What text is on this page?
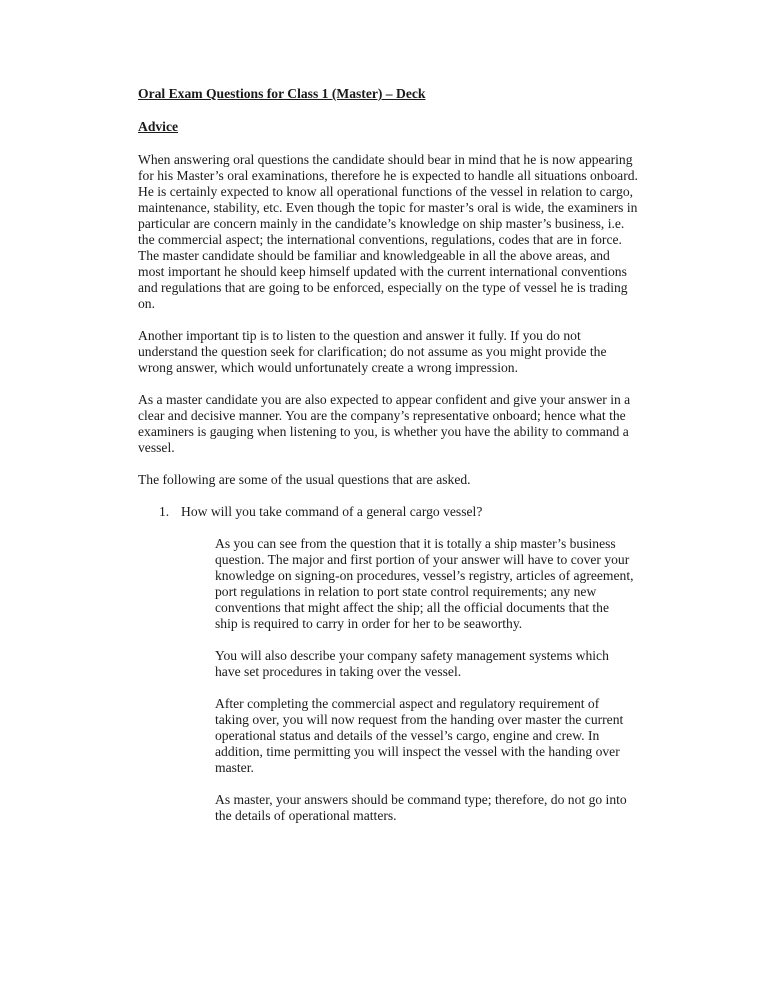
Oral Exam Questions for Class 1 (Master) – Deck
Advice

When answering oral questions the candidate should bear in mind that he is now appearing for his Master’s oral examinations, therefore he is expected to handle all situations onboard.

He is certainly expected to know all operational functions of the vessel in relation to cargo, maintenance, stability, etc. Even though the topic for master’s oral is wide, the examiners in particular are concern mainly in the candidate’s knowledge on ship master’s business, i.e. the commercial aspect; the international conventions, regulations, codes that are in force. The master candidate should be familiar and knowledgeable in all the above areas, and most important he should keep himself updated with the current international conventions and regulations that are going to be enforced, especially on the type of vessel he is trading on.

Another important tip is to listen to the question and answer it fully. If you do not understand the question seek for clarification; do not assume as you might provide the wrong answer, which would unfortunately create a wrong impression.

As a master candidate you are also expected to appear confident and give your answer in a clear and decisive manner. You are the company’s representative onboard; hence what the examiners is gauging when listening to you, is whether you have the ability to command a vessel.

The following are some of the usual questions that are asked.

1. How will you take command of a general cargo vessel?

As you can see from the question that it is totally a ship master’s business question. The major and first portion of your answer will have to cover your knowledge on signing-on procedures, vessel’s registry, articles of agreement, port regulations in relation to port state control requirements; any new conventions that might affect the ship; all the official documents that the ship is required to carry in order for her to be seaworthy.

You will also describe your company safety management systems which have set procedures in taking over the vessel.

After completing the commercial aspect and regulatory requirement of taking over, you will now request from the handing over master the current operational status and details of the vessel’s cargo, engine and crew. In addition, time permitting you will inspect the vessel with the handing over master.

As master, your answers should be command type; therefore, do not go into the details of operational matters.
